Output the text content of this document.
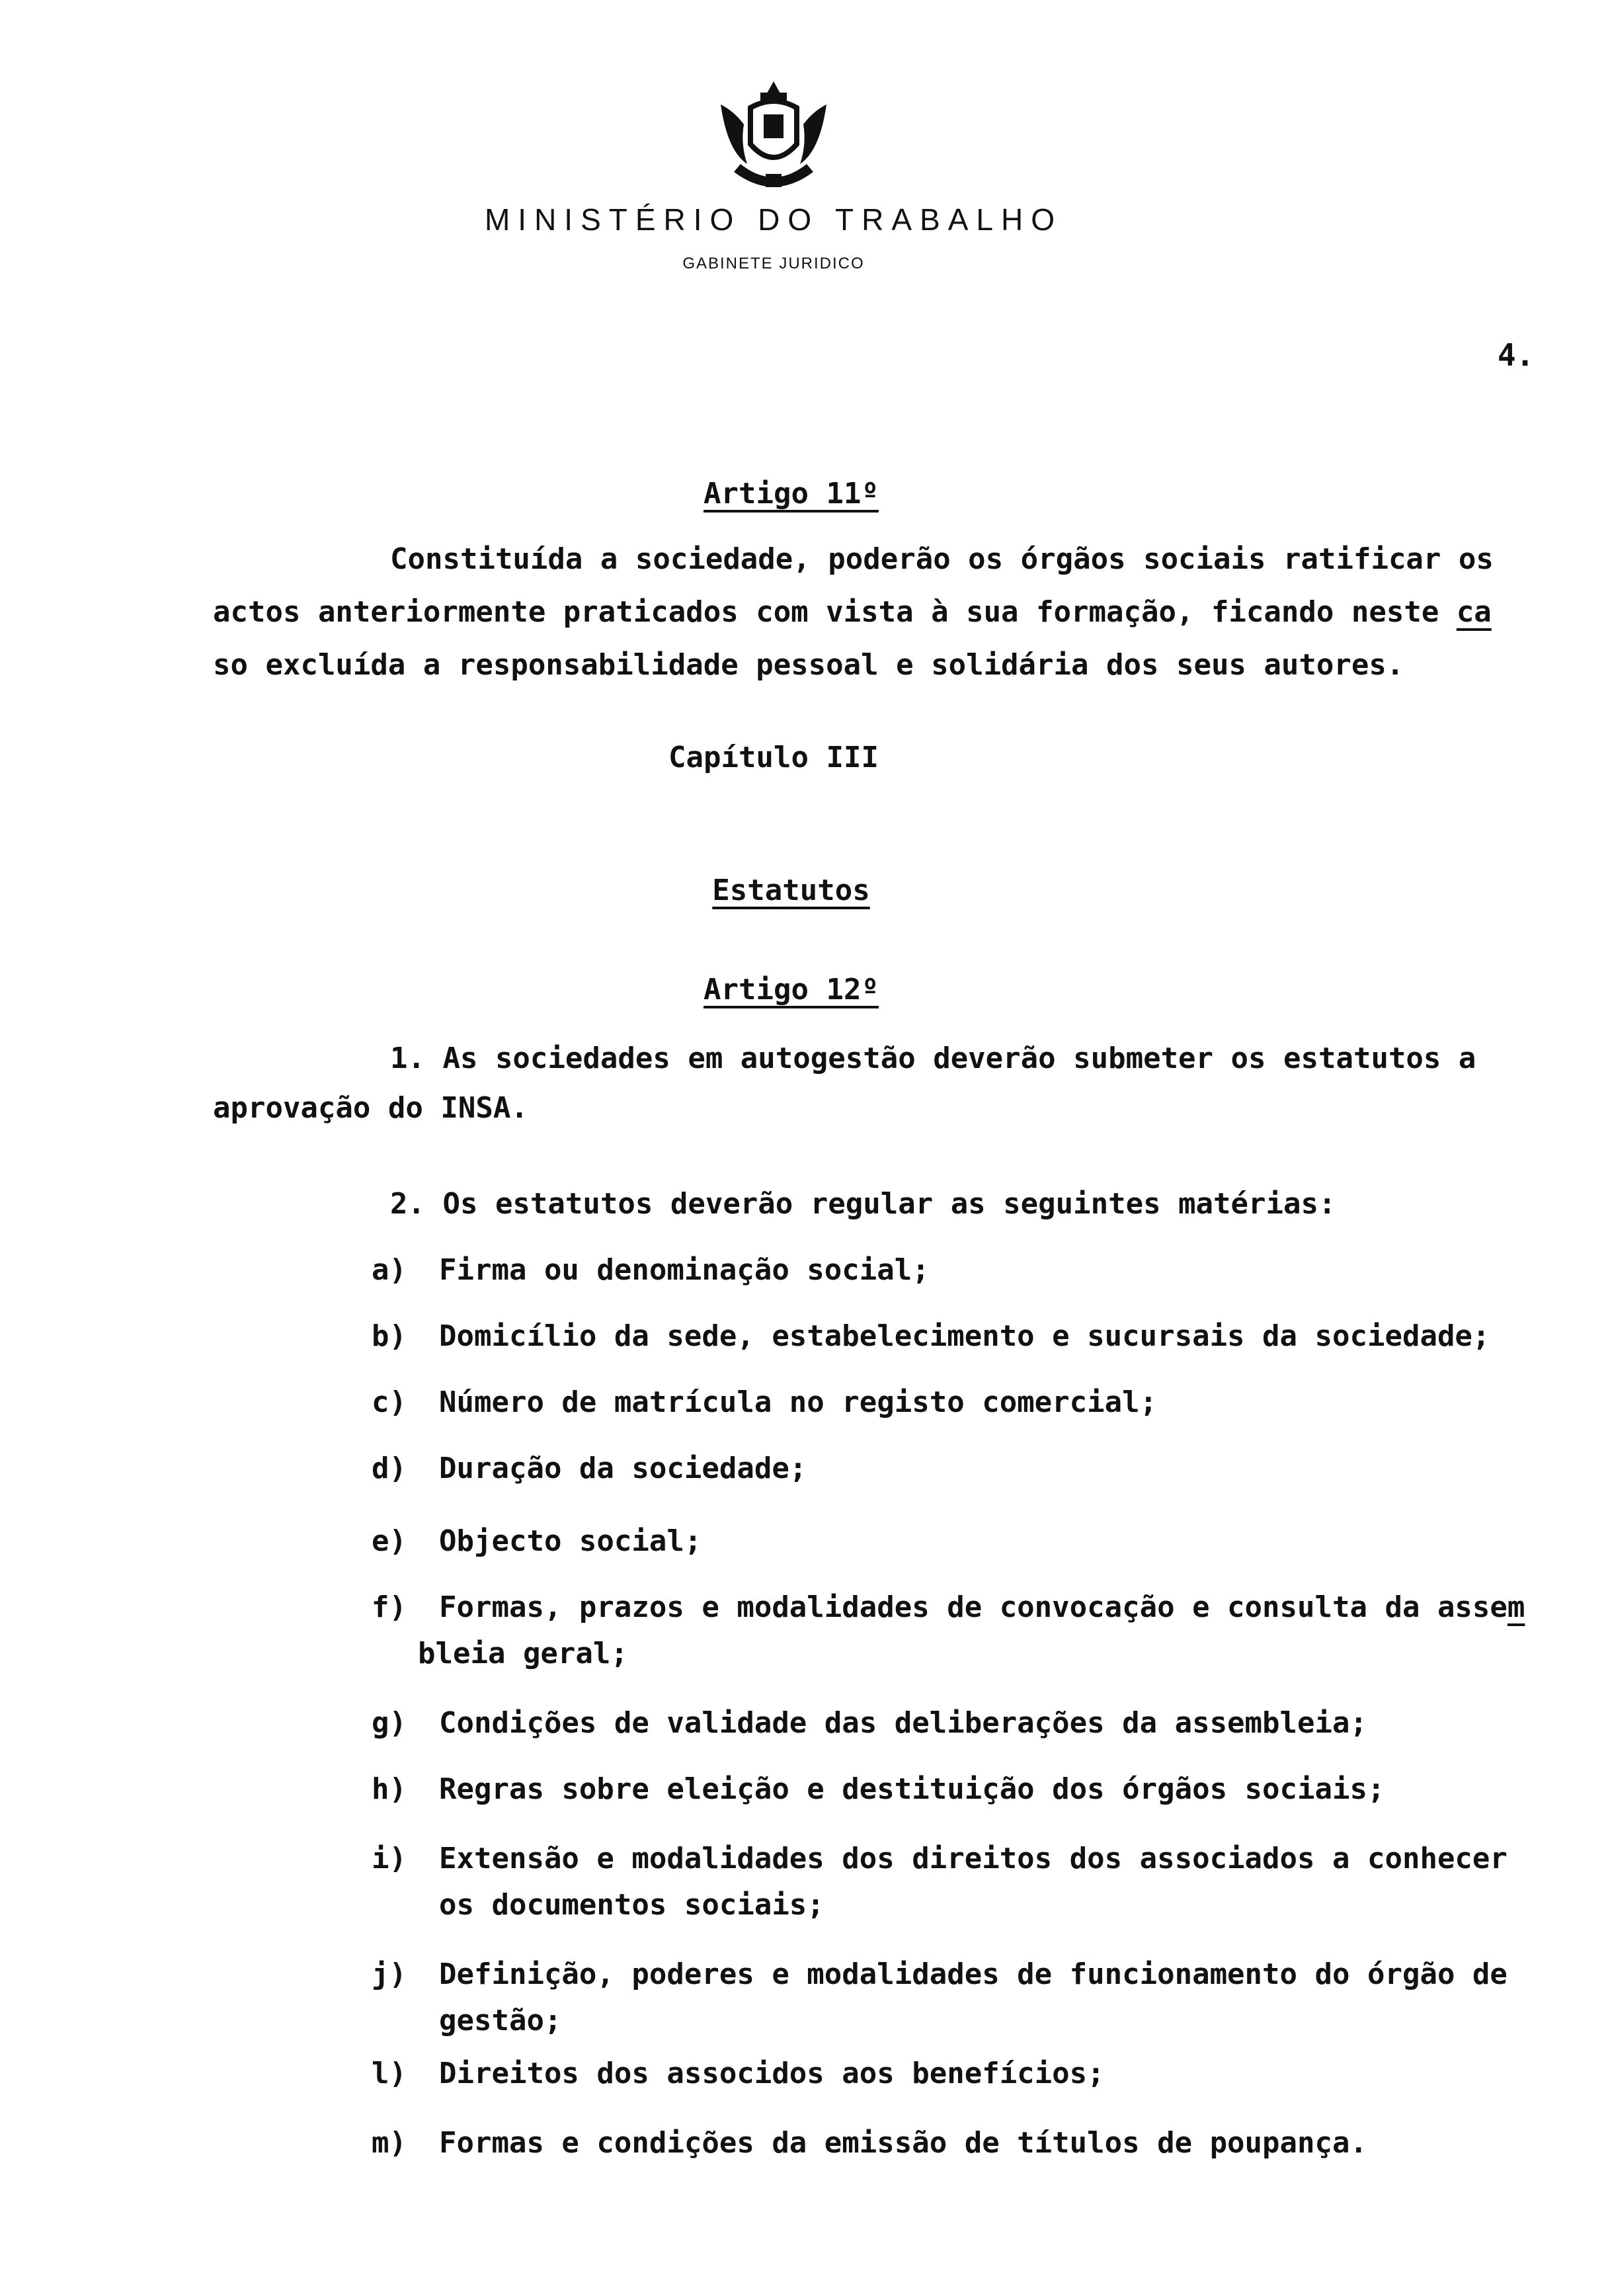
MINISTÉRIO DO TRABALHO
GABINETE JURIDICO
4.

Artigo 11º

Constituída a sociedade, poderão os órgãos sociais ratificar os
actos anteriormente praticados com vista à sua formação, ficando neste ca
so excluída a responsabilidade pessoal e solidária dos seus autores.
Capítulo III

Estatutos

Artigo 12º

1. As sociedades em autogestão deverão submeter os estatutos a
aprovação do INSA.
2. Os estatutos deverão regular as seguintes matérias:
a) Firma ou denominação social;
b) Domicílio da sede, estabelecimento e sucursais da sociedade;
c) Número de matrícula no registo comercial;
d) Duração da sociedade;
e) Objecto social;
f) Formas, prazos e modalidades de convocação e consulta da assem
bleia geral;
g) Condições de validade das deliberações da assembleia;
h) Regras sobre eleição e destituição dos órgãos sociais;
i) Extensão e modalidades dos direitos dos associados a conhecer
os documentos sociais;
j) Definição, poderes e modalidades de funcionamento do órgão de
gestão;
l) Direitos dos associdos aos benefícios;
m) Formas e condições da emissão de títulos de poupança.
